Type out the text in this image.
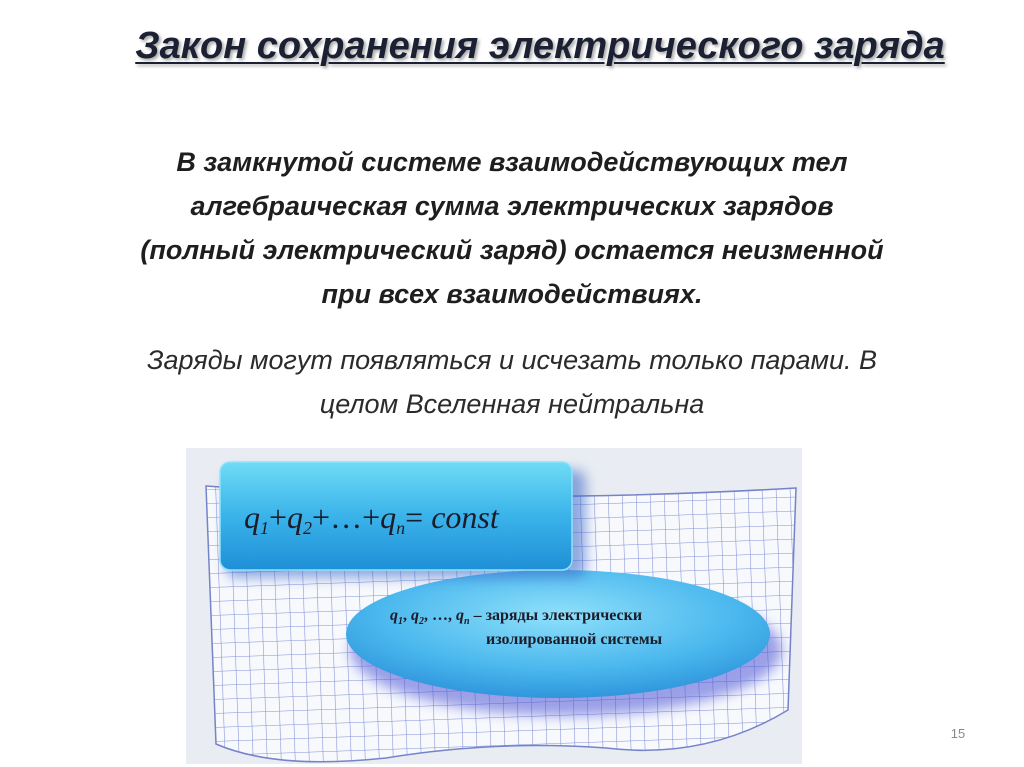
Закон сохранения электрического заряда
В замкнутой системе взаимодействующих тел
алгебраическая сумма электрических зарядов
(полный электрический заряд) остается неизменной
при всех взаимодействиях.
Заряды могут появляться и исчезать только парами. В
целом Вселенная нейтральна
q1+q2+…+qn= const
$q_1$, $q_2$, …, $q_n$ – заряды электрически
изолированной системы
15
